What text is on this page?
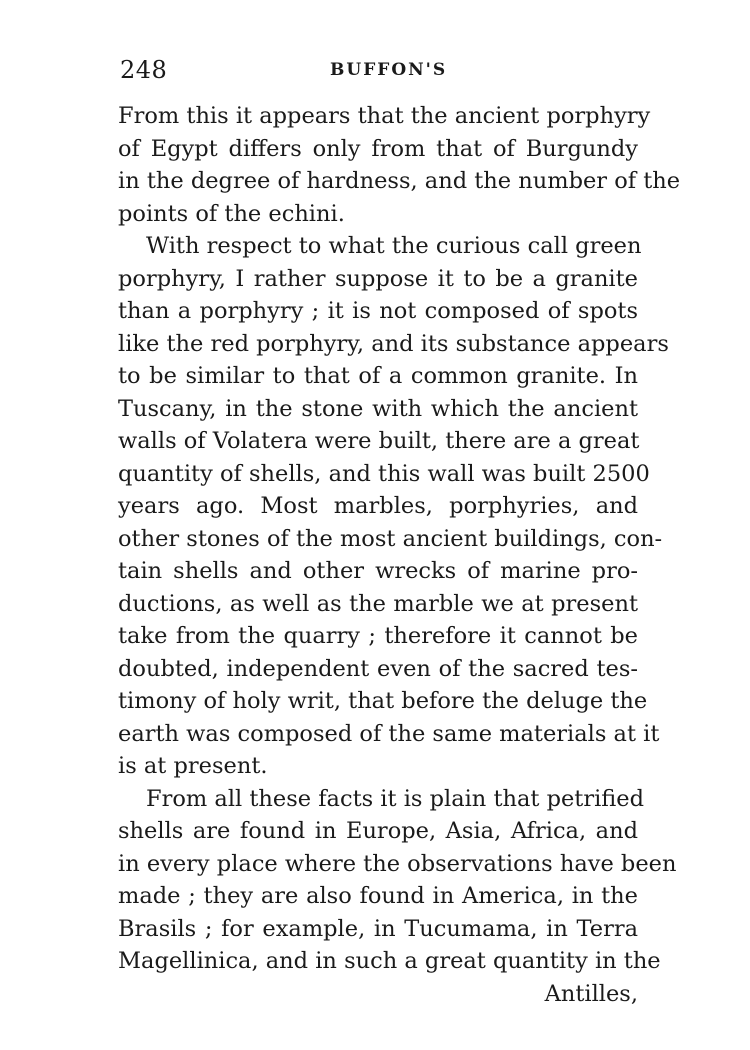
248	BUFFON'S
From this it appears that the ancient porphyry
of Egypt differs only from that of Burgundy
in the degree of hardness, and the number of the
points of the echini.
With respect to what the curious call green
porphyry, I rather suppose it to be a granite
than a porphyry ; it is not composed of spots
like the red porphyry, and its substance appears
to be similar to that of a common granite. In
Tuscany, in the stone with which the ancient
walls of Volatera were built, there are a great
quantity of shells, and this wall was built 2500
years ago. Most marbles, porphyries, and
other stones of the most ancient buildings, con-
tain shells and other wrecks of marine pro-
ductions, as well as the marble we at present
take from the quarry ; therefore it cannot be
doubted, independent even of the sacred tes-
timony of holy writ, that before the deluge the
earth was composed of the same materials at it
is at present.
From all these facts it is plain that petrified
shells are found in Europe, Asia, Africa, and
in every place where the observations have been
made ; they are also found in America, in the
Brasils ; for example, in Tucumama, in Terra
Magellinica, and in such a great quantity in the
Antilles,
